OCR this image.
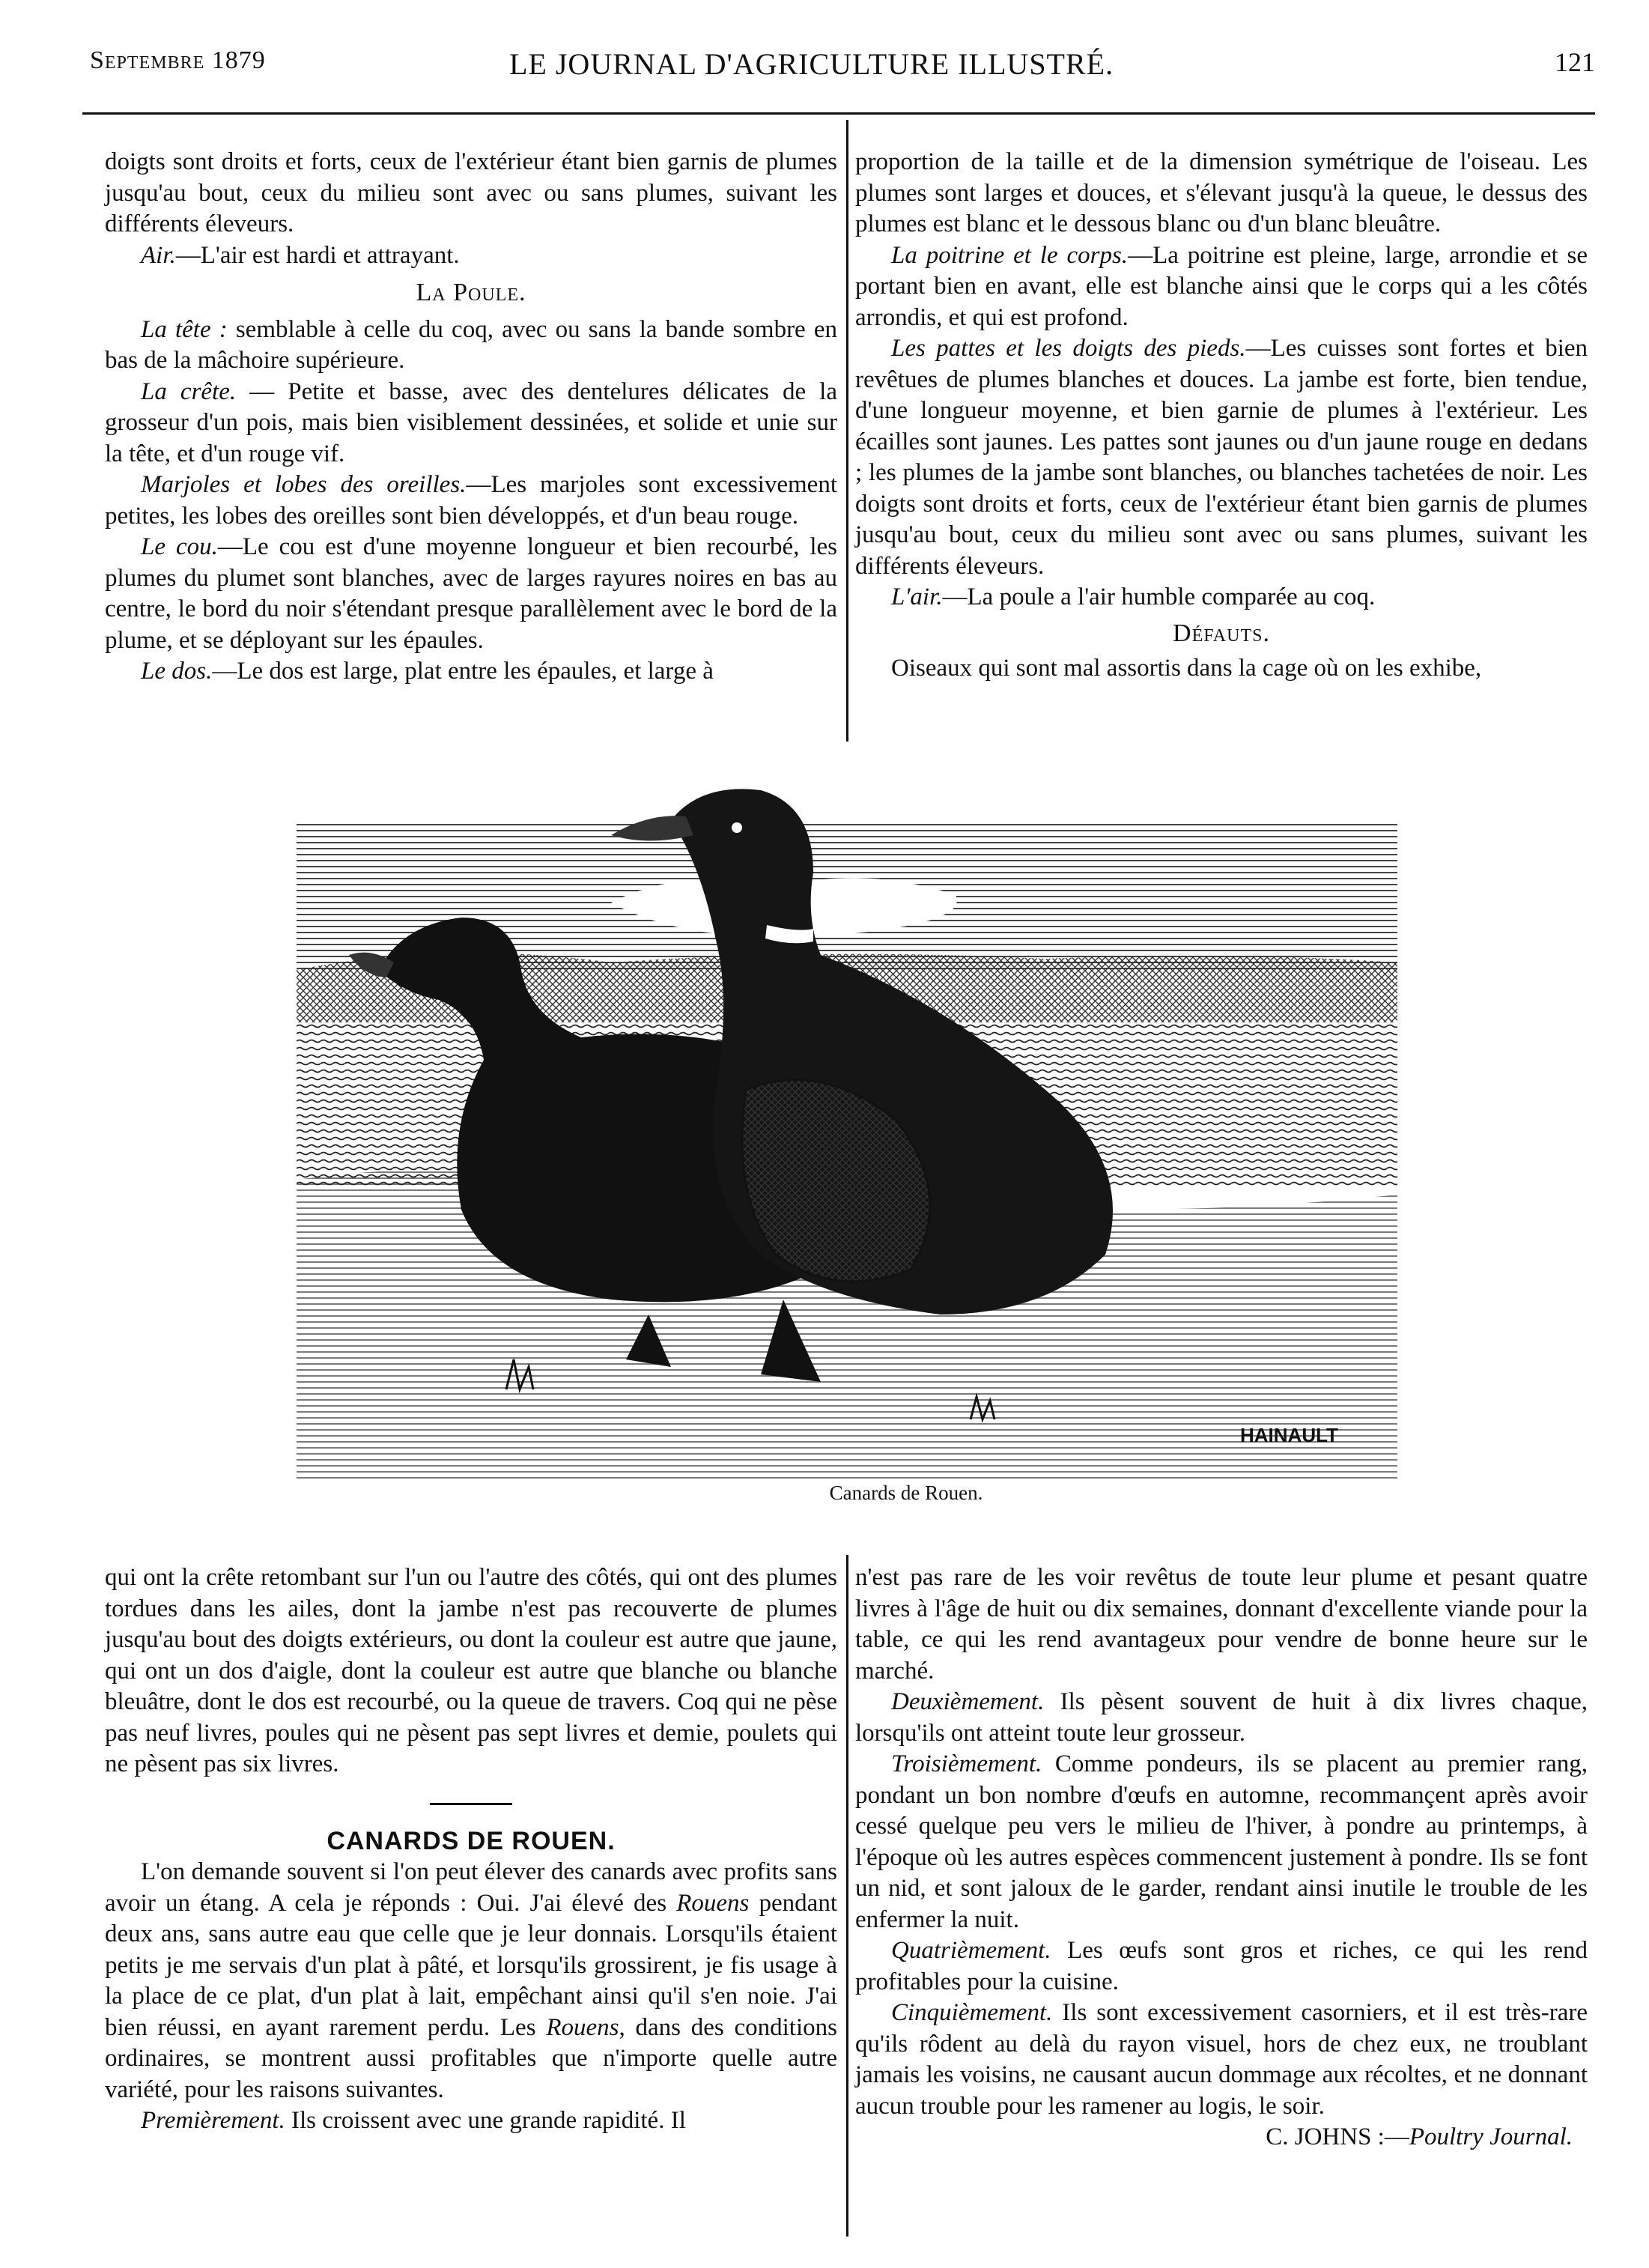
Septembre 1879	LE JOURNAL D'AGRICULTURE ILLUSTRÉ.	121

doigts sont droits et forts, ceux de l'extérieur étant bien garnis de plumes jusqu'au bout, ceux du milieu sont avec ou sans plumes, suivant les différents éleveurs.

Air.—L'air est hardi et attrayant.

La Poule.

La tête : semblable à celle du coq, avec ou sans la bande sombre en bas de la mâchoire supérieure.

La crête. — Petite et basse, avec des dentelures délicates de la grosseur d'un pois, mais bien visiblement dessinées, et solide et unie sur la tête, et d'un rouge vif.

Marjoles et lobes des oreilles.—Les marjoles sont excessivement petites, les lobes des oreilles sont bien développés, et d'un beau rouge.

Le cou.—Le cou est d'une moyenne longueur et bien recourbé, les plumes du plumet sont blanches, avec de larges rayures noires en bas au centre, le bord du noir s'étendant presque parallèlement avec le bord de la plume, et se déployant sur les épaules.

Le dos.—Le dos est large, plat entre les épaules, et large à

proportion de la taille et de la dimension symétrique de l'oiseau. Les plumes sont larges et douces, et s'élevant jusqu'à la queue, le dessus des plumes est blanc et le dessous blanc ou d'un blanc bleuâtre.

La poitrine et le corps.—La poitrine est pleine, large, arrondie et se portant bien en avant, elle est blanche ainsi que le corps qui a les côtés arrondis, et qui est profond.

Les pattes et les doigts des pieds.—Les cuisses sont fortes et bien revêtues de plumes blanches et douces. La jambe est forte, bien tendue, d'une longueur moyenne, et bien garnie de plumes à l'extérieur. Les écailles sont jaunes. Les pattes sont jaunes ou d'un jaune rouge en dedans ; les plumes de la jambe sont blanches, ou blanches tachetées de noir. Les doigts sont droits et forts, ceux de l'extérieur étant bien garnis de plumes jusqu'au bout, ceux du milieu sont avec ou sans plumes, suivant les différents éleveurs.

L'air.—La poule a l'air humble comparée au coq.

Défauts.

Oiseaux qui sont mal assortis dans la cage où on les exhibe,

HAINAULT
Canards de Rouen.

qui ont la crête retombant sur l'un ou l'autre des côtés, qui ont des plumes tordues dans les ailes, dont la jambe n'est pas recouverte de plumes jusqu'au bout des doigts extérieurs, ou dont la couleur est autre que jaune, qui ont un dos d'aigle, dont la couleur est autre que blanche ou blanche bleuâtre, dont le dos est recourbé, ou la queue de travers. Coq qui ne pèse pas neuf livres, poules qui ne pèsent pas sept livres et demie, poulets qui ne pèsent pas six livres.

CANARDS DE ROUEN.

L'on demande souvent si l'on peut élever des canards avec profits sans avoir un étang. A cela je réponds : Oui. J'ai élevé des Rouens pendant deux ans, sans autre eau que celle que je leur donnais. Lorsqu'ils étaient petits je me servais d'un plat à pâté, et lorsqu'ils grossirent, je fis usage à la place de ce plat, d'un plat à lait, empêchant ainsi qu'il s'en noie. J'ai bien réussi, en ayant rarement perdu. Les Rouens, dans des conditions ordinaires, se montrent aussi profitables que n'importe quelle autre variété, pour les raisons suivantes.

Premièrement. Ils croissent avec une grande rapidité. Il

n'est pas rare de les voir revêtus de toute leur plume et pesant quatre livres à l'âge de huit ou dix semaines, donnant d'excellente viande pour la table, ce qui les rend avantageux pour vendre de bonne heure sur le marché.

Deuxièmement. Ils pèsent souvent de huit à dix livres chaque, lorsqu'ils ont atteint toute leur grosseur.

Troisièmement. Comme pondeurs, ils se placent au premier rang, pondant un bon nombre d'œufs en automne, recommançent après avoir cessé quelque peu vers le milieu de l'hiver, à pondre au printemps, à l'époque où les autres espèces commencent justement à pondre. Ils se font un nid, et sont jaloux de le garder, rendant ainsi inutile le trouble de les enfermer la nuit.

Quatrièmement. Les œufs sont gros et riches, ce qui les rend profitables pour la cuisine.

Cinquièmement. Ils sont excessivement casorniers, et il est très-rare qu'ils rôdent au delà du rayon visuel, hors de chez eux, ne troublant jamais les voisins, ne causant aucun dommage aux récoltes, et ne donnant aucun trouble pour les ramener au logis, le soir.

C. JOHNS :—Poultry Journal.
